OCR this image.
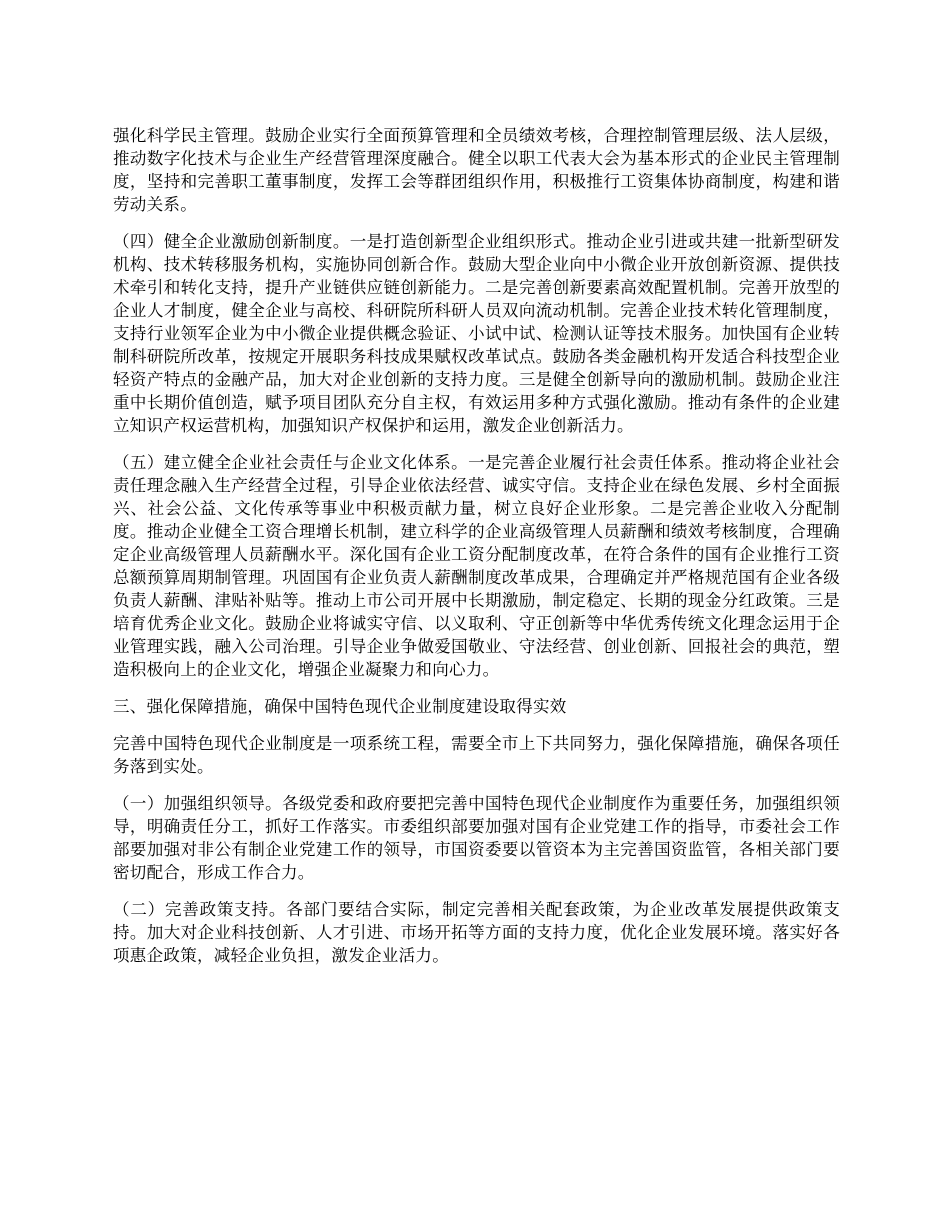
强化科学民主管理。鼓励企业实行全面预算管理和全员绩效考核，合理控制管理层级、法人层级，推动数字化技术与企业生产经营管理深度融合。健全以职工代表大会为基本形式的企业民主管理制度，坚持和完善职工董事制度，发挥工会等群团组织作用，积极推行工资集体协商制度，构建和谐劳动关系。

（四）健全企业激励创新制度。一是打造创新型企业组织形式。推动企业引进或共建一批新型研发机构、技术转移服务机构，实施协同创新合作。鼓励大型企业向中小微企业开放创新资源、提供技术牵引和转化支持，提升产业链供应链创新能力。二是完善创新要素高效配置机制。完善开放型的企业人才制度，健全企业与高校、科研院所科研人员双向流动机制。完善企业技术转化管理制度，支持行业领军企业为中小微企业提供概念验证、小试中试、检测认证等技术服务。加快国有企业转制科研院所改革，按规定开展职务科技成果赋权改革试点。鼓励各类金融机构开发适合科技型企业轻资产特点的金融产品，加大对企业创新的支持力度。三是健全创新导向的激励机制。鼓励企业注重中长期价值创造，赋予项目团队充分自主权，有效运用多种方式强化激励。推动有条件的企业建立知识产权运营机构，加强知识产权保护和运用，激发企业创新活力。

（五）建立健全企业社会责任与企业文化体系。一是完善企业履行社会责任体系。推动将企业社会责任理念融入生产经营全过程，引导企业依法经营、诚实守信。支持企业在绿色发展、乡村全面振兴、社会公益、文化传承等事业中积极贡献力量，树立良好企业形象。二是完善企业收入分配制度。推动企业健全工资合理增长机制，建立科学的企业高级管理人员薪酬和绩效考核制度，合理确定企业高级管理人员薪酬水平。深化国有企业工资分配制度改革，在符合条件的国有企业推行工资总额预算周期制管理。巩固国有企业负责人薪酬制度改革成果，合理确定并严格规范国有企业各级负责人薪酬、津贴补贴等。推动上市公司开展中长期激励，制定稳定、长期的现金分红政策。三是培育优秀企业文化。鼓励企业将诚实守信、以义取利、守正创新等中华优秀传统文化理念运用于企业管理实践，融入公司治理。引导企业争做爱国敬业、守法经营、创业创新、回报社会的典范，塑造积极向上的企业文化，增强企业凝聚力和向心力。

三、强化保障措施，确保中国特色现代企业制度建设取得实效

完善中国特色现代企业制度是一项系统工程，需要全市上下共同努力，强化保障措施，确保各项任务落到实处。

（一）加强组织领导。各级党委和政府要把完善中国特色现代企业制度作为重要任务，加强组织领导，明确责任分工，抓好工作落实。市委组织部要加强对国有企业党建工作的指导，市委社会工作部要加强对非公有制企业党建工作的领导，市国资委要以管资本为主完善国资监管，各相关部门要密切配合，形成工作合力。

（二）完善政策支持。各部门要结合实际，制定完善相关配套政策，为企业改革发展提供政策支持。加大对企业科技创新、人才引进、市场开拓等方面的支持力度，优化企业发展环境。落实好各项惠企政策，减轻企业负担，激发企业活力。
